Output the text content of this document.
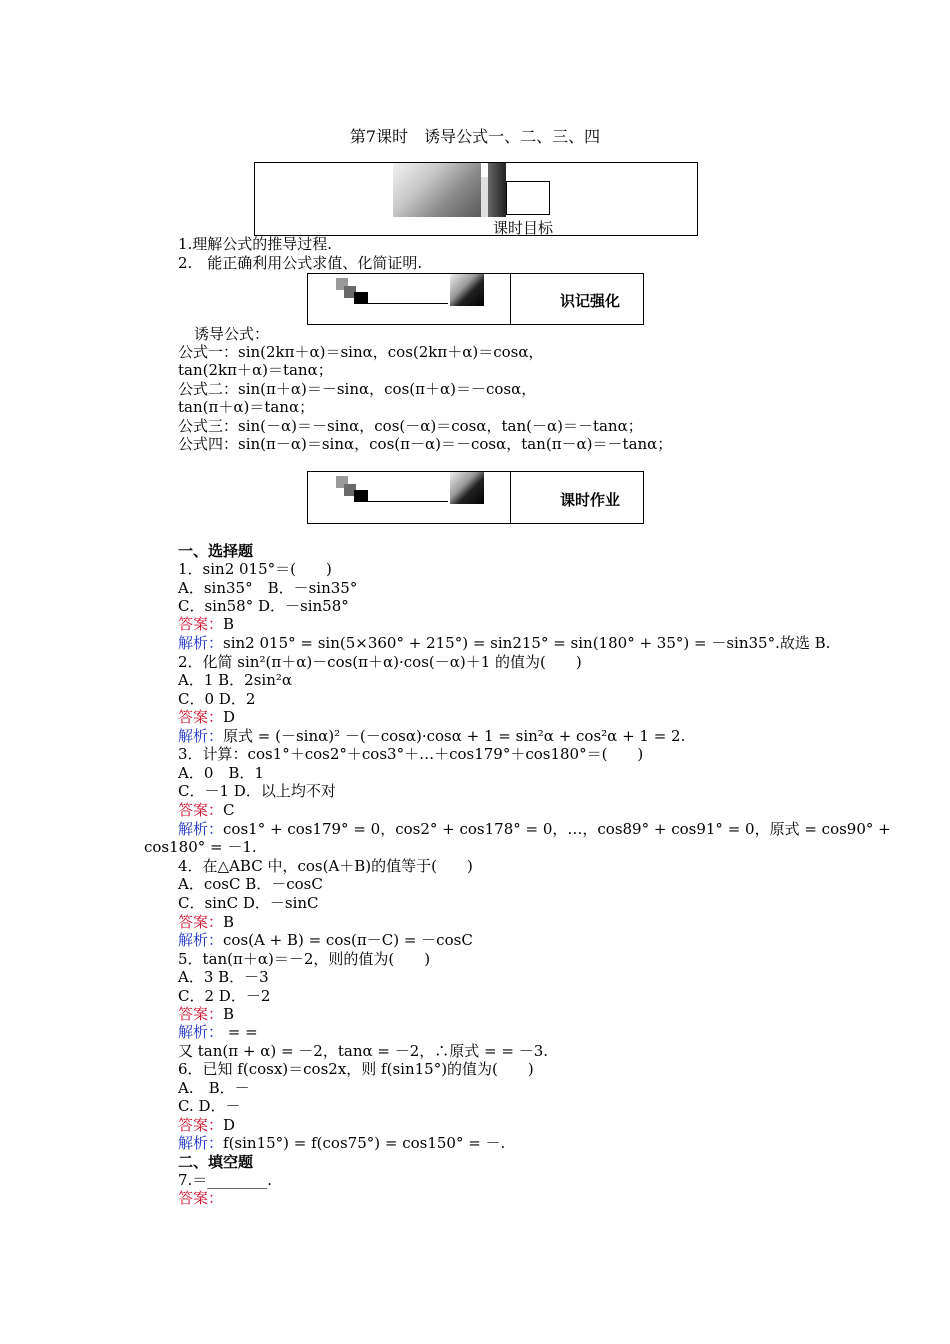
第7课时　诱导公式一、二、三、四
课时目标
1.理解公式的推导过程.
2.　能正确利用公式求值、化简证明.
识记强化
诱导公式：
公式一：sin(2kπ＋α)＝sinα，cos(2kπ＋α)＝cosα，
tan(2kπ＋α)＝tanα；
公式二：sin(π＋α)＝－sinα，cos(π＋α)＝－cosα，
tan(π＋α)＝tanα；
公式三：sin(－α)＝－sinα，cos(－α)＝cosα，tan(－α)＝－tanα；
公式四：sin(π－α)＝sinα，cos(π－α)＝－cosα，tan(π－α)＝－tanα；
课时作业
一、选择题
1．sin2 015°＝(　　)
A．sin35°　B．－sin35°
C．sin58° D．－sin58°
答案：B
解析：sin2 015° = sin(5×360° + 215°) = sin215° = sin(180° + 35°) = －sin35°.故选 B.
2．化简 sin²(π＋α)－cos(π＋α)·cos(－α)＋1 的值为(　　)
A．1 B．2sin²α
C．0 D．2
答案：D
解析：原式 = (－sinα)² －(－cosα)·cosα + 1 = sin²α + cos²α + 1 = 2.
3．计算：cos1°＋cos2°＋cos3°＋…＋cos179°＋cos180°＝(　　)
A．0　B．1
C．－1 D．以上均不对
答案：C
解析：cos1° + cos179° = 0，cos2° + cos178° = 0，…，cos89° + cos91° = 0，原式 = cos90° +
cos180° = －1.
4．在△ABC 中，cos(A＋B)的值等于(　　)
A．cosC B．－cosC
C．sinC D．－sinC
答案：B
解析：cos(A + B) = cos(π－C) = －cosC
5．tan(π＋α)＝－2，则的值为(　　)
A．3 B．－3
C．2 D．－2
答案：B
解析： = =
又 tan(π + α) = －2，tanα = －2，∴原式 = = －3.
6．已知 f(cosx)＝cos2x，则 f(sin15°)的值为(　　)
A.　B．－
C. D．－
答案：D
解析：f(sin15°) = f(cos75°) = cos150° = －.
二、填空题
7.＝________.
答案：
